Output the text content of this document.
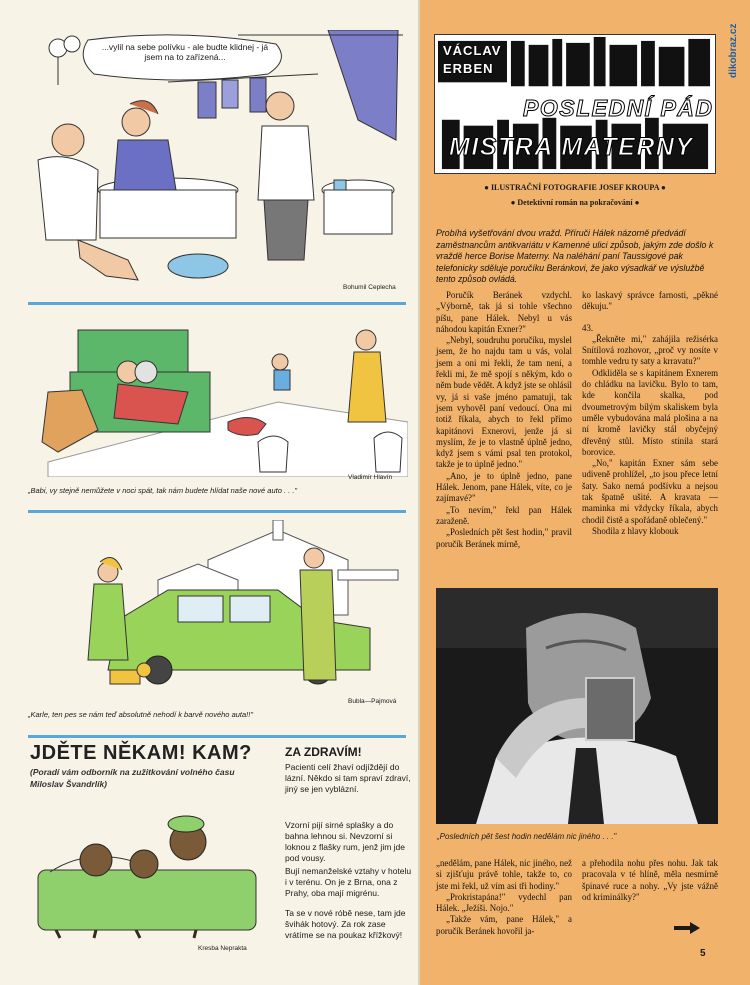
...vylil na sebe polívku - ale budte klidnej - já jsem na to zařízená...
Bohumil Ceplecha
Vladimír Hlavín
„Babi, vy stejně nemůžete v noci spát, tak nám budete hlídat naše nové auto . . ."
Bubla—Pajmová
„Karle, ten pes se nám teď absolutně nehodí k barvě nového auta!!"
JDĚTE NĚKAM! KAM?
(Poradí vám odborník na zužitkování volného času Miloslav Švandrlík)
Kresba Neprakta
ZA ZDRAVÍM!
Pacienti celí žhaví odjíždějí do lázní. Někdo si tam spraví zdraví, jiný se jen vyblázní.
Vzorní pijí sirné splašky a do bahna lehnou si. Nevzorní si loknou z flašky rum, jenž jim jde pod vousy.
Bují nemanželské vztahy v hotelu i v terénu. On je z Brna, ona z Prahy, oba mají migrénu.
Ta se v nové róbě nese, tam jde švihák hotový. Za rok zase vrátíme se na poukaz křížkový!
dikobraz.cz
VÁCLAV
ERBEN
POSLEDNÍ PÁD
MISTRA MATERNY
● ILUSTRAČNÍ FOTOGRAFIE JOSEF KROUPA ●
● Detektivní román na pokračování ●
Probíhá vyšetřování dvou vražd. Příruči Hálek názorně předvádí zaměstnancům antikvariátu v Kamenné ulici způsob, jakým zde došlo k vraždě herce Borise Materny. Na naléhání paní Taussigové pak telefonicky sděluje poručíku Beránkovi, že jako výsadkář ve výslužbě tento způsob ovládá.

Poručík Beránek vzdychl. „Výborně, tak já si tohle všechno píšu, pane Hálek. Nebyl u vás náhodou kapitán Exner?"

„Nebyl, soudruhu poručíku, myslel jsem, že ho najdu tam u vás, volal jsem a oni mi řekli, že tam není, a řekli mi, že mě spojí s někým, kdo o něm bude vědět. A když jste se ohlásil vy, já si vaše jméno pamatuji, tak jsem vyhověl paní vedoucí. Ona mi totiž říkala, abych to řekl přímo kapitánovi Exnerovi, jenže já si myslím, že je to vlastně úplně jedno, když jsem s vámi psal ten protokol, takže je to úplně jedno."

„Ano, je to úplně jedno, pane Hálek. Jenom, pane Hálek, víte, co je zajímavé?"

„To nevím," řekl pan Hálek zaraženě.

„Posledních pět šest hodin," pravil poručík Beránek mírně,

ko laskavý správce farnosti, „pěkné děkuju."

43.

„Řekněte mi," zahájila režisérka Snítilová rozhovor, „proč vy nosíte v tomhle vedru ty saty a krravatu?"

Odkliděla se s kapitánem Exnerem do chládku na lavičku. Bylo to tam, kde končila skalka, pod dvoumetrovým bílým skaliskem byla uměle vybudována malá plošina a na ní kromě lavičky stál obyčejný dřevěný stůl. Místo stínila stará borovice.

„No," kapitán Exner sám sebe udiveně prohlížel, „to jsou přece letní šaty. Sako nemá podšívku a nejsou tak špatně ušité. A kravata — maminka mi vždycky říkala, abych chodil čistě a spořádaně oblečený."

Shodila z hlavy klobouk

„Posledních pět šest hodin nedělám nic jiného . . ."

„nedělám, pane Hálek, nic jiného, než si zjišťuju právě tohle, takže to, co jste mi řekl, už vím asi tři hodiny."

„Prokristapána!" vydechl pan Hálek. „Ježíši. Nojo."

„Takže vám, pane Hálek," a poručík Beránek hovořil ja-

a přehodila nohu přes nohu. Jak tak pracovala v té hlíně, měla nesmírně špinavé ruce a nohy. „Vy jste vážně od kriminálky?"

5
